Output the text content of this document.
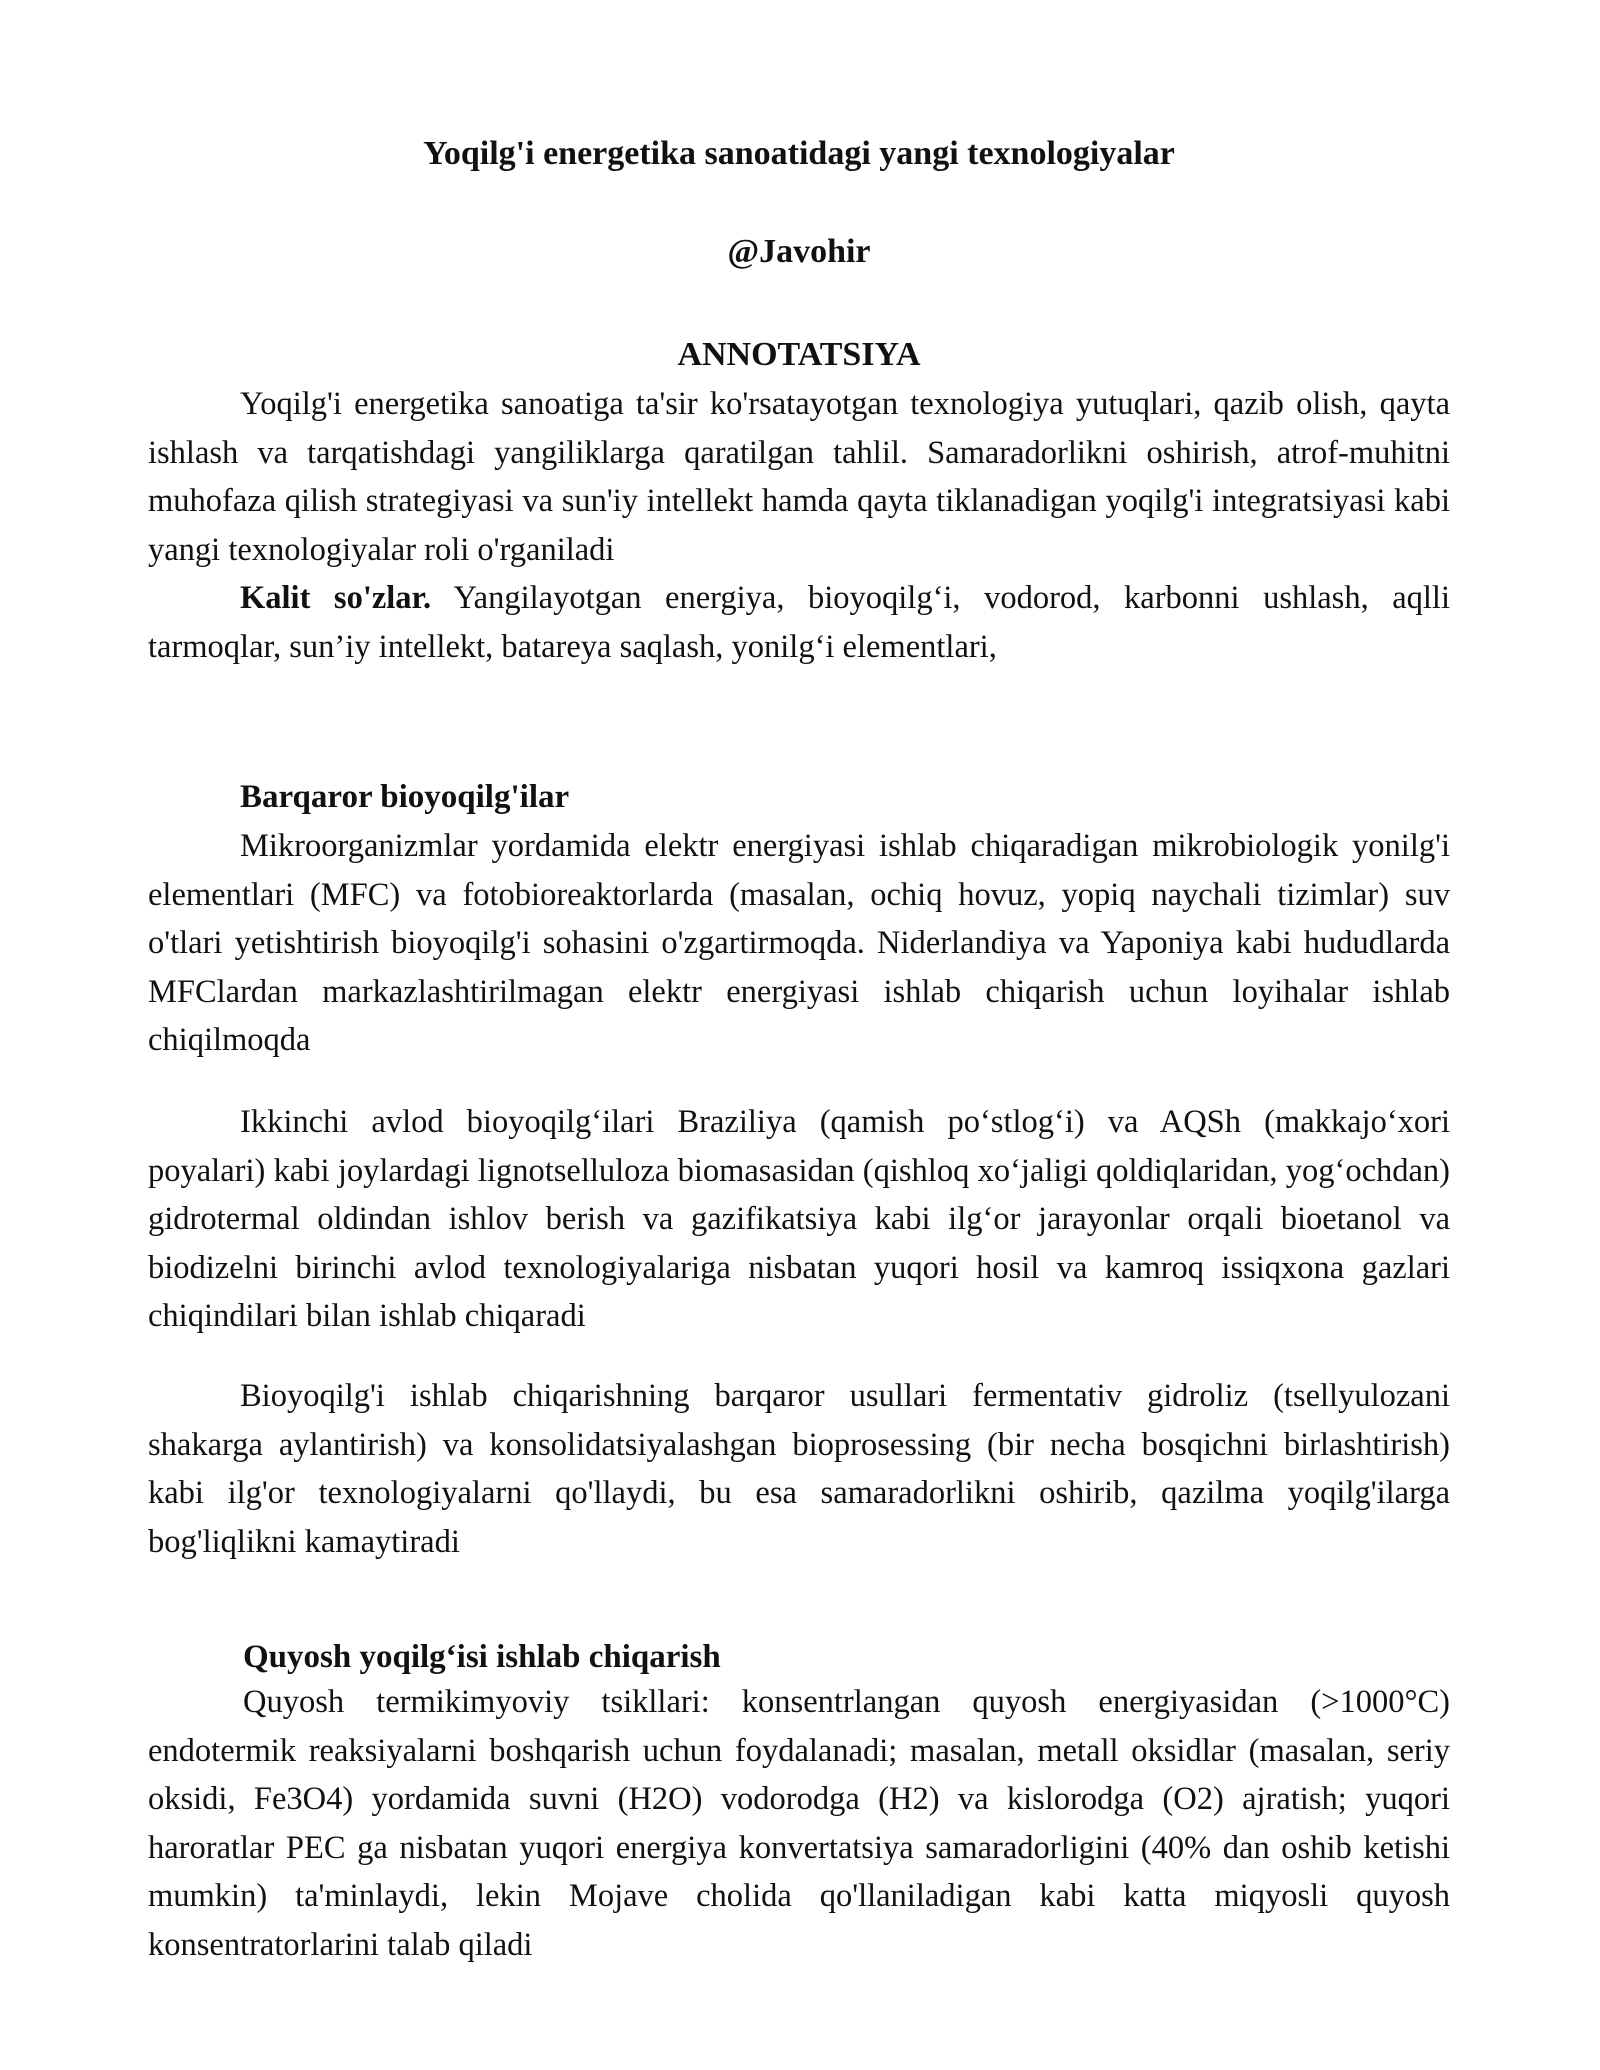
Yoqilg'i energetika sanoatidagi yangi texnologiyalar
@Javohir
ANNOTATSIYA

Yoqilg'i energetika sanoatiga ta'sir ko'rsatayotgan texnologiya yutuqlari, qazib olish, qayta ishlash va tarqatishdagi yangiliklarga qaratilgan tahlil. Samaradorlikni oshirish, atrof-muhitni muhofaza qilish strategiyasi va sun'iy intellekt hamda qayta tiklanadigan yoqilg'i integratsiyasi kabi yangi texnologiyalar roli o'rganiladi

Kalit so'zlar. Yangilayotgan energiya, bioyoqilg‘i, vodorod, karbonni ushlash, aqlli tarmoqlar, sun’iy intellekt, batareya saqlash, yonilg‘i elementlari,

Barqaror bioyoqilg'ilar

Mikroorganizmlar yordamida elektr energiyasi ishlab chiqaradigan mikrobiologik yonilg'i elementlari (MFC) va fotobioreaktorlarda (masalan, ochiq hovuz, yopiq naychali tizimlar) suv o'tlari yetishtirish bioyoqilg'i sohasini o'zgartirmoqda. Niderlandiya va Yaponiya kabi hududlarda MFClardan markazlashtirilmagan elektr energiyasi ishlab chiqarish uchun loyihalar ishlab chiqilmoqda

Ikkinchi avlod bioyoqilg‘ilari Braziliya (qamish po‘stlog‘i) va AQSh (makkajo‘xori poyalari) kabi joylardagi lignotselluloza biomasasidan (qishloq xo‘jaligi qoldiqlaridan, yog‘ochdan) gidrotermal oldindan ishlov berish va gazifikatsiya kabi ilg‘or jarayonlar orqali bioetanol va biodizelni birinchi avlod texnologiyalariga nisbatan yuqori hosil va kamroq issiqxona gazlari chiqindilari bilan ishlab chiqaradi

Bioyoqilg'i ishlab chiqarishning barqaror usullari fermentativ gidroliz (tsellyulozani shakarga aylantirish) va konsolidatsiyalashgan bioprosessing (bir necha bosqichni birlashtirish) kabi ilg'or texnologiyalarni qo'llaydi, bu esa samaradorlikni oshirib, qazilma yoqilg'ilarga bog'liqlikni kamaytiradi

Quyosh yoqilg‘isi ishlab chiqarish

Quyosh termikimyoviy tsikllari: konsentrlangan quyosh energiyasidan (>1000°C) endotermik reaksiyalarni boshqarish uchun foydalanadi; masalan, metall oksidlar (masalan, seriy oksidi, Fe3O4) yordamida suvni (H2O) vodorodga (H2) va kislorodga (O2) ajratish; yuqori haroratlar PEC ga nisbatan yuqori energiya konvertatsiya samaradorligini (40% dan oshib ketishi mumkin) ta'minlaydi, lekin Mojave cholida qo'llaniladigan kabi katta miqyosli quyosh konsentratorlarini talab qiladi
